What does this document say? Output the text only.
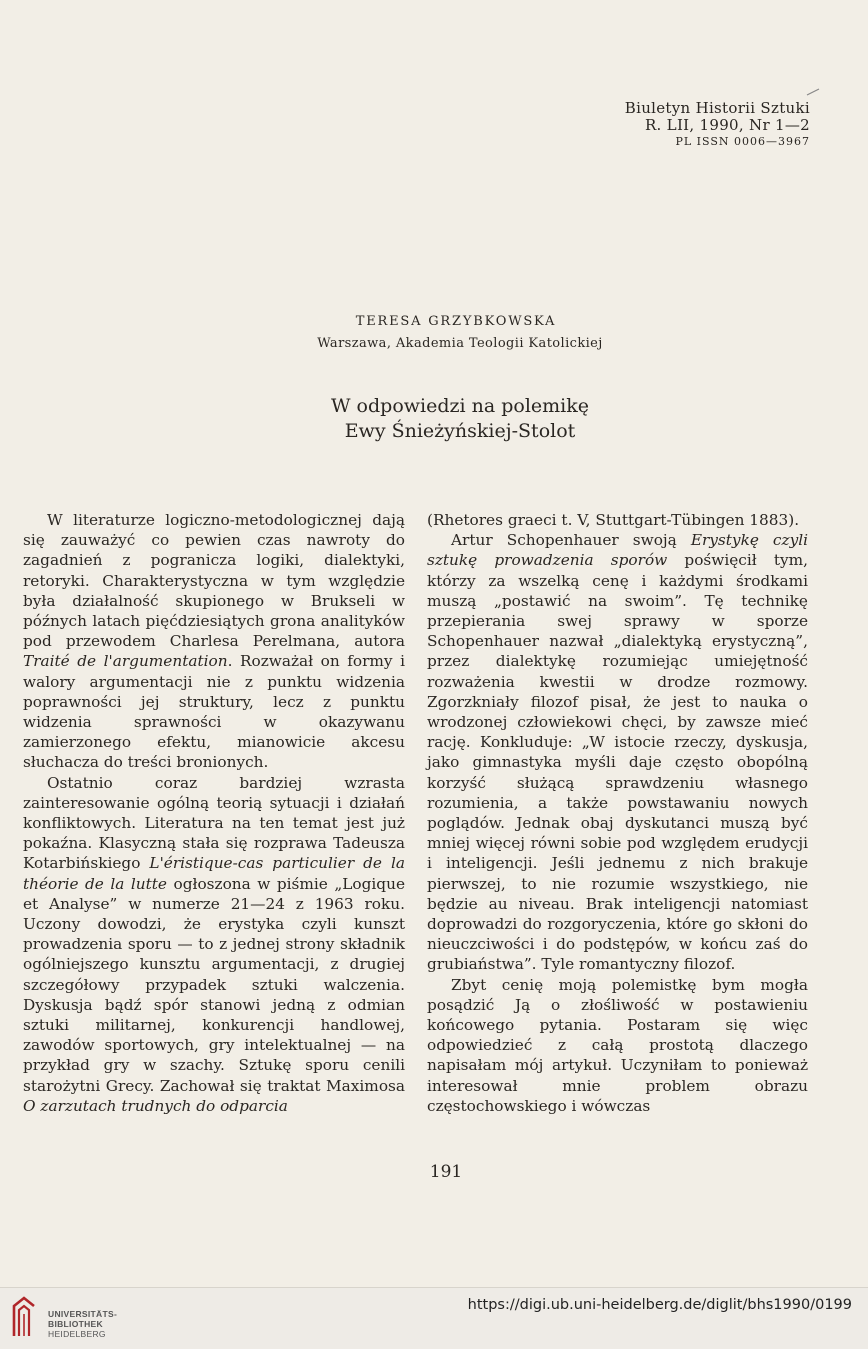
Biuletyn Historii Sztuki
R. LII, 1990, Nr 1—2
PL ISSN 0006—3967
TERESA GRZYBKOWSKA
Warszawa, Akademia Teologii Katolickiej
W odpowiedzi na polemikę
Ewy Śnieżyńskiej-Stolot

W literaturze logiczno-metodologicznej dają się zauważyć co pewien czas nawroty do zagadnień z pogranicza logiki, dialektyki, retoryki. Charakterystyczna w tym względzie była działalność skupionego w Brukseli w późnych latach pięćdziesiątych grona analityków pod przewodem Charlesa Perelmana, autora Traité de l'argumentation. Rozważał on formy i walory argumentacji nie z punktu widzenia poprawności jej struktury, lecz z punktu widzenia sprawności w okazywanu zamierzonego efektu, mianowicie akcesu słuchacza do treści bronionych.

Ostatnio coraz bardziej wzrasta zainteresowanie ogólną teorią sytuacji i działań konfliktowych. Literatura na ten temat jest już pokaźna. Klasyczną stała się rozprawa Tadeusza Kotarbińskiego L'éristique-cas particulier de la théorie de la lutte ogłoszona w piśmie „Logique et Analyse” w numerze 21—24 z 1963 roku. Uczony dowodzi, że erystyka czyli kunszt prowadzenia sporu — to z jednej strony składnik ogólniejszego kunsztu argumentacji, z drugiej szczegółowy przypadek sztuki walczenia. Dyskusja bądź spór stanowi jedną z odmian sztuki militarnej, konkurencji handlowej, zawodów sportowych, gry intelektualnej — na przykład gry w szachy. Sztukę sporu cenili starożytni Grecy. Zachował się traktat Maximosa O zarzutach trudnych do odparcia

(Rhetores graeci t. V, Stuttgart-Tübingen 1883).

Artur Schopenhauer swoją Erystykę czyli sztukę prowadzenia sporów poświęcił tym, którzy za wszelką cenę i każdymi środkami muszą „postawić na swoim”. Tę technikę przepierania swej sprawy w sporze Schopenhauer nazwał „dialektyką erystyczną”, przez dialektykę rozumiejąc umiejętność rozważenia kwestii w drodze rozmowy. Zgorzkniały filozof pisał, że jest to nauka o wrodzonej człowiekowi chęci, by zawsze mieć rację. Konkluduje: „W istocie rzeczy, dyskusja, jako gimnastyka myśli daje często obopólną korzyść służącą sprawdzeniu własnego rozumienia, a także powstawaniu nowych poglądów. Jednak obaj dyskutanci muszą być mniej więcej równi sobie pod względem erudycji i inteligencji. Jeśli jednemu z nich brakuje pierwszej, to nie rozumie wszystkiego, nie będzie au niveau. Brak inteligencji natomiast doprowadzi do rozgoryczenia, które go skłoni do nieuczciwości i do podstępów, w końcu zaś do grubiaństwa”. Tyle romantyczny filozof.

Zbyt cenię moją polemistkę bym mogła posądzić Ją o złośliwość w postawieniu końcowego pytania. Postaram się więc odpowiedzieć z całą prostotą dlaczego napisałam mój artykuł. Uczyniłam to ponieważ interesował mnie problem obrazu częstochowskiego i wówczas

191
UNIVERSITÄTS-
BIBLIOTHEK
HEIDELBERG
https://digi.ub.uni-heidelberg.de/diglit/bhs1990/0199
